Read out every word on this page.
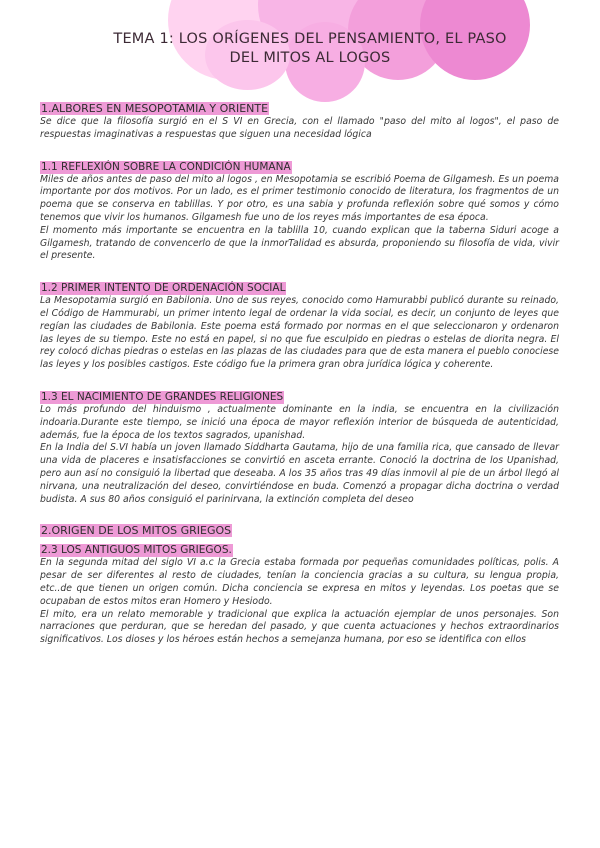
TEMA 1: LOS ORÍGENES DEL PENSAMIENTO, EL PASO
DEL MITOS AL LOGOS
1.ALBORES EN MESOPOTAMIA Y ORIENTE

Se dice que la filosofía surgió en el S VI en Grecia, con el llamado "paso del mito al logos", el paso de respuestas imaginativas a respuestas que siguen una necesidad lógica

1.1 REFLEXIÓN SOBRE LA CONDICIÓN HUMANA

Miles de años antes de paso del mito al logos , en Mesopotamia se escribió Poema de Gilgamesh. Es un poema importante por dos motivos. Por un lado, es el primer testimonio conocido de literatura, los fragmentos de un poema que se conserva en tablillas. Y por otro, es una sabia y profunda reflexión sobre qué somos y cómo tenemos que vivir los humanos. Gilgamesh fue uno de los reyes más importantes de esa época.

El momento más importante se encuentra en la tablilla 10, cuando explican que la taberna Siduri acoge a Gilgamesh, tratando de convencerlo de que la inmorTalidad es absurda, proponiendo su filosofía de vida, vivir el presente.

1.2 PRIMER INTENTO DE ORDENACIÓN SOCIAL

La Mesopotamia surgió en Babilonia. Uno de sus reyes, conocido como Hamurabbi publicó durante su reinado, el Código de Hammurabi, un primer intento legal de ordenar la vida social, es decir, un conjunto de leyes que regían las ciudades de Babilonia. Este poema está formado por normas en el que seleccionaron y ordenaron las leyes de su tiempo. Este no está en papel, si no que fue esculpido en piedras o estelas de diorita negra. El rey colocó dichas piedras o estelas en las plazas de las ciudades para que de esta manera el pueblo conociese las leyes y los posibles castigos. Este código fue la primera gran obra jurídica lógica y coherente.

1.3 EL NACIMIENTO DE GRANDES RELIGIONES

Lo más profundo del hinduismo , actualmente dominante en la india, se encuentra en la civilización indoaria.Durante este tiempo, se inició una época de mayor reflexión interior de búsqueda de autenticidad, además, fue la época de los textos sagrados, upanishad.

En la India del S.VI había un joven llamado Siddharta Gautama, hijo de una familia rica, que cansado de llevar una vida de placeres e insatisfacciones se convirtió en asceta errante. Conoció la doctrina de los Upanishad, pero aun así no consiguió la libertad que deseaba. A los 35 años tras 49 días inmovil al pie de un árbol llegó al nirvana, una neutralización del deseo, convirtiéndose en buda. Comenzó a propagar dicha doctrina o verdad budista. A sus 80 años consiguió el parinirvana, la extinción completa del deseo

2.ORIGEN DE LOS MITOS GRIEGOS
2.3 LOS ANTIGUOS MITOS GRIEGOS.

En la segunda mitad del siglo VI a.c la Grecia estaba formada por pequeñas comunidades políticas, polis. A pesar de ser diferentes al resto de ciudades, tenían la conciencia gracias a su cultura, su lengua propia, etc..de que tienen un origen común. Dicha conciencia se expresa en mitos y leyendas. Los poetas que se ocupaban de estos mitos eran Homero y Hesiodo.

El mito, era un relato memorable y tradicional que explica la actuación ejemplar de unos personajes. Son narraciones que perduran, que se heredan del pasado, y que cuenta actuaciones y hechos extraordinarios significativos. Los dioses y los héroes están hechos a semejanza humana, por eso se identifica con ellos
